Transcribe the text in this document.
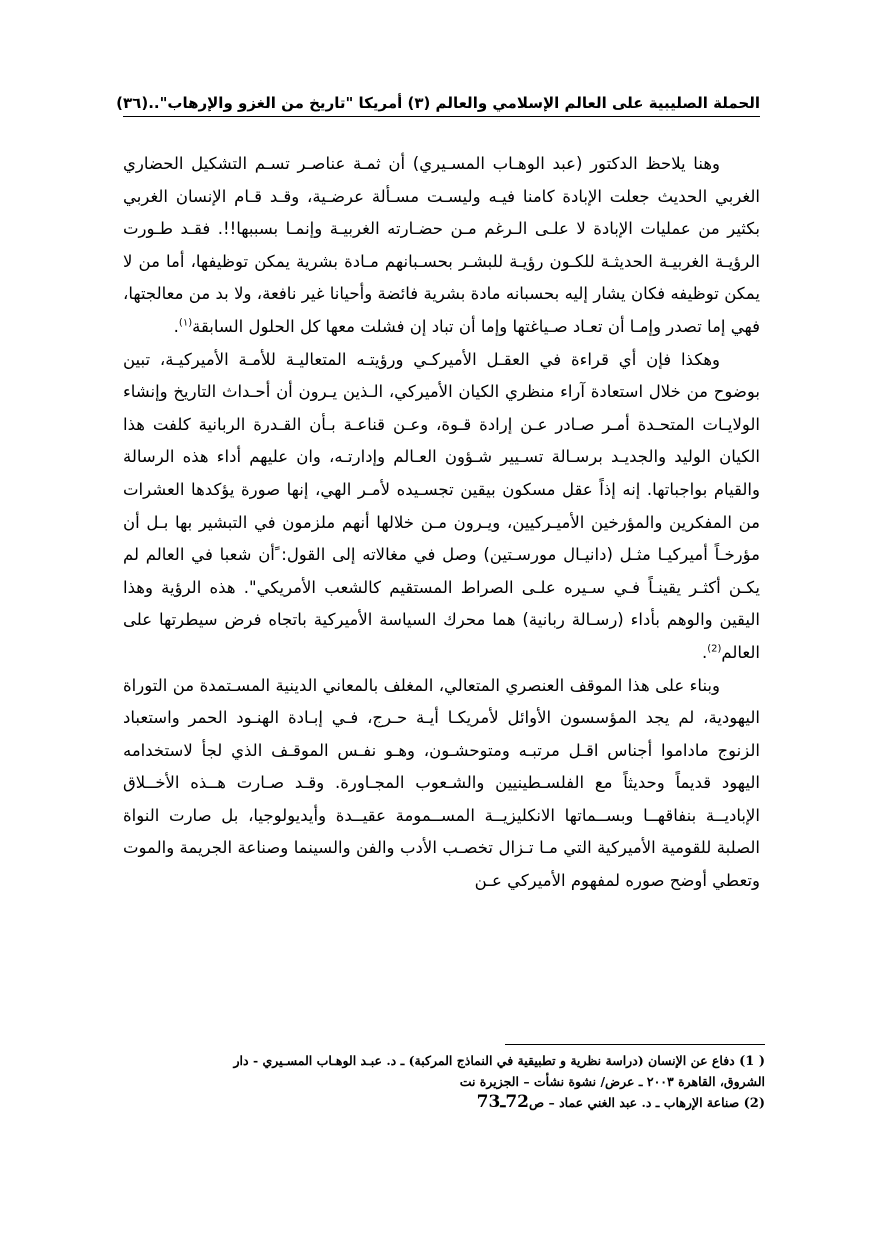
الحملة الصليبية على العالم الإسلامي والعالم (٣) أمريكا "تاريخ من الغزو والإرهاب"..
(٣٦)

وهنا يلاحظ الدكتور (عبد الوهـاب المسـيري) أن ثمـة عناصـر تسـم التشكيل الحضاري الغربي الحديث جعلت الإبادة كامنا فيـه وليسـت مسـألة عرضـية، وقـد قـام الإنسان الغربي بكثير من عمليات الإبادة لا علـى الـرغم مـن حضـارته الغربيـة وإنمـا بسببها!!. فقـد طـورت الرؤيـة الغربيـة الحديثـة للكـون رؤيـة للبشـر بحسـبانهم مـادة بشرية يمكن توظيفها، أما من لا يمكن توظيفه فكان يشار إليه بحسبانه مادة بشرية فائضة وأحيانا غير نافعة، ولا بد من معالجتها، فهي إما تصدر وإمـا أن تعـاد صـياغتها وإما أن تباد إن فشلت معها كل الحلول السابقة$^{(١)}$.

وهكذا فإن أي قراءة في العقـل الأميركـي ورؤيتـه المتعاليـة للأمـة الأميركيـة، تبين بوضوح من خلال استعادة آراء منظري الكيان الأميركي، الـذين يـرون أن أحـداث التاريخ وإنشاء الولايـات المتحـدة أمـر صـادر عـن إرادة قـوة، وعـن قناعـة بـأن القـدرة الربانية كلفت هذا الكيان الوليد والجديـد برسـالة تسـيير شـؤون العـالم وإدارتـه، وان عليهم أداء هذه الرسالة والقيام بواجباتها. إنه إذاً عقل مسكون بيقين تجسـيده لأمـر الهي، إنها صورة يؤكدها العشرات من المفكرين والمؤرخين الأميـركيين، ويـرون مـن خلالها أنهم ملزمون في التبشير بها بـل أن مؤرخـاً أميركيـا مثـل (دانيـال مورسـتين) وصل في مغالاته إلى القول: ًأن شعبا في العالم لم يكـن أكثـر يقينـاً فـي سـيره علـى الصراط المستقيم كالشعب الأمريكي". هذه الرؤية وهذا اليقين والوهم بأداء (رسـالة ربانية) هما محرك السياسة الأميركية باتجاه فرض سيطرتها على العالم$^{(2)}$.

وبناء على هذا الموقف العنصري المتعالي، المغلف بالمعاني الدينية المسـتمدة من التوراة اليهودية، لم يجد المؤسسون الأوائل لأمريكـا أيـة حـرج، فـي إبـادة الهنـود الحمر واستعباد الزنوج ماداموا أجناس اقـل مرتبـه ومتوحشـون، وهـو نفـس الموقـف الذي لجأ لاستخدامه اليهود قديماً وحديثاً مع الفلسـطينيين والشـعوب المجـاورة. وقـد صـارت هــذه الأخــلاق الإباديــة بنفاقهــا وبســماتها الانكليزيــة المســمومة عقيــدة وأيديولوجيا، بل صارت النواة الصلبة للقومية الأميركية التي مـا تـزال تخصـب الأدب والفن والسينما وصناعة الجريمة والموت وتعطي أوضح صوره لمفهوم الأميركي عـن

( 1) دفاع عن الإنسان (دراسة نظرية و تطبيقية في النماذج المركبة) ـ د. عبـد الوهـاب المسـيري - دار
الشروق، القاهرة ٢٠٠٣ ـ عرض/ نشوة نشأت – الجزيرة نت
(2) صناعة الإرهاب ـ د. عبد الغني عماد – ص72ـ73
